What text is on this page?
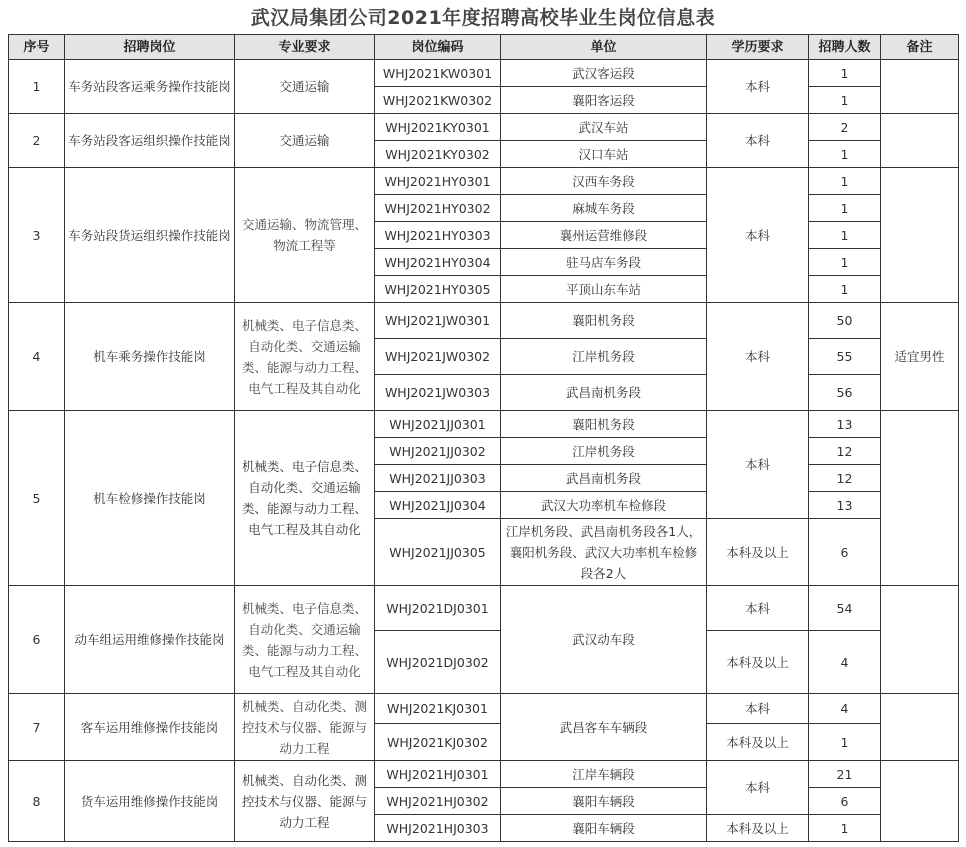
武汉局集团公司2021年度招聘高校毕业生岗位信息表
序号	招聘岗位	专业要求	岗位编码	单位	学历要求	招聘人数	备注
1	车务站段客运乘务操作技能岗	交通运输	WHJ2021KW0301	武汉客运段	本科	1	
			WHJ2021KW0302	襄阳客运段		1	
2	车务站段客运组织操作技能岗	交通运输	WHJ2021KY0301	武汉车站	本科	2	
			WHJ2021KY0302	汉口车站		1	
3	车务站段货运组织操作技能岗	交通运输、物流管理、物流工程等	WHJ2021HY0301	汉西车务段	本科	1	
			WHJ2021HY0302	麻城车务段		1	
			WHJ2021HY0303	襄州运营维修段		1	
			WHJ2021HY0304	驻马店车务段		1	
			WHJ2021HY0305	平顶山东车站		1	
4	机车乘务操作技能岗	机械类、电子信息类、自动化类、交通运输类、能源与动力工程、电气工程及其自动化	WHJ2021JW0301	襄阳机务段	本科	50	适宜男性
			WHJ2021JW0302	江岸机务段		55	
			WHJ2021JW0303	武昌南机务段		56	
5	机车检修操作技能岗	机械类、电子信息类、自动化类、交通运输类、能源与动力工程、电气工程及其自动化	WHJ2021JJ0301	襄阳机务段	本科	13	
			WHJ2021JJ0302	江岸机务段		12	
			WHJ2021JJ0303	武昌南机务段		12	
			WHJ2021JJ0304	武汉大功率机车检修段		13	
			WHJ2021JJ0305	江岸机务段、武昌南机务段各1人，襄阳机务段、武汉大功率机车检修段各2人	本科及以上	6	
6	动车组运用维修操作技能岗	机械类、电子信息类、自动化类、交通运输类、能源与动力工程、电气工程及其自动化	WHJ2021DJ0301	武汉动车段	本科	54	
			WHJ2021DJ0302		本科及以上	4	
7	客车运用维修操作技能岗	机械类、自动化类、测控技术与仪器、能源与动力工程	WHJ2021KJ0301	武昌客车车辆段	本科	4	
			WHJ2021KJ0302		本科及以上	1	
8	货车运用维修操作技能岗	机械类、自动化类、测控技术与仪器、能源与动力工程	WHJ2021HJ0301	江岸车辆段	本科	21	
			WHJ2021HJ0302	襄阳车辆段		6	
			WHJ2021HJ0303	襄阳车辆段	本科及以上	1	
